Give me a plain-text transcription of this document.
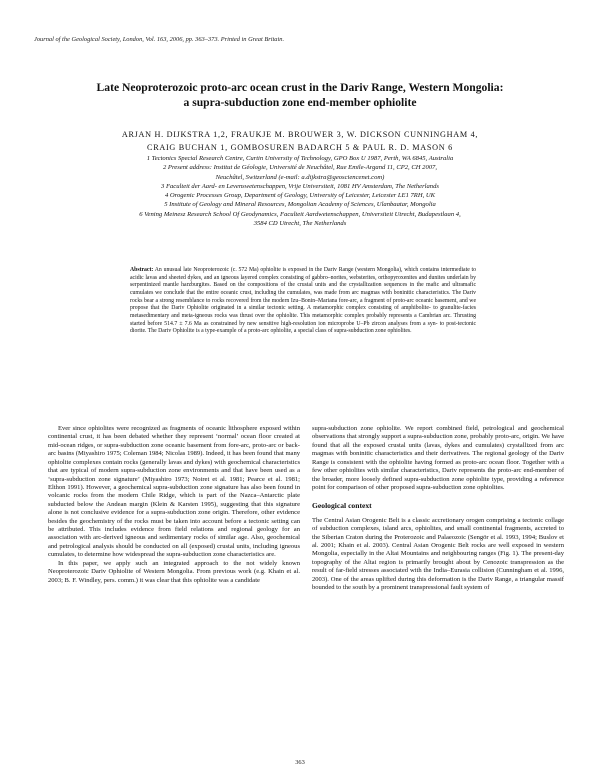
Journal of the Geological Society, London, Vol. 163, 2006, pp. 363–373. Printed in Great Britain.
Late Neoproterozoic proto-arc ocean crust in the Dariv Range, Western Mongolia:
a supra-subduction zone end-member ophiolite
ARJAN H. DIJKSTRA 1,2, FRAUKJE M. BROUWER 3, W. DICKSON CUNNINGHAM 4,
CRAIG BUCHAN 1, GOMBOSUREN BADARCH 5 & PAUL R. D. MASON 6

1 Tectonics Special Research Centre, Curtin University of Technology, GPO Box U 1987, Perth, WA 6845, Australia

2 Present address: Institut de Géologie, Université de Neuchâtel, Rue Emile-Argand 11, CP2, CH 2007,

Neuchâtel, Switzerland (e-mail: a.dijkstra@geosciencenet.com)

3 Faculteit der Aard- en Levenswetenschappen, Vrije Universiteit, 1081 HV Amsterdam, The Netherlands

4 Orogenic Processes Group, Department of Geology, University of Leicester, Leicester LE1 7RH, UK

5 Institute of Geology and Mineral Resources, Mongolian Academy of Sciences, Ulanbaatar, Mongolia

6 Vening Meinesz Research School Of Geodynamics, Faculteit Aardwetenschappen, Universiteit Utrecht, Budapestlaan 4,

3584 CD Utrecht, The Netherlands

Abstract: An unusual late Neoproterozoic (c. 572 Ma) ophiolite is exposed in the Dariv Range (western Mongolia), which contains intermediate to acidic lavas and sheeted dykes, and an igneous layered complex consisting of gabbro–norites, websterites, orthopyroxenites and dunites underlain by serpentinized mantle harzburgites. Based on the compositions of the crustal units and the crystallization sequences in the mafic and ultramafic cumulates we conclude that the entire oceanic crust, including the cumulates, was made from arc magmas with boninitic characteristics. The Dariv rocks bear a strong resemblance to rocks recovered from the modern Izu–Bonin–Mariana fore-arc, a fragment of proto-arc oceanic basement, and we propose that the Dariv Ophiolite originated in a similar tectonic setting. A metamorphic complex consisting of amphibolite- to granulite-facies metasedimentary and meta-igneous rocks was thrust over the ophiolite. This metamorphic complex probably represents a Cambrian arc. Thrusting started before 514.7 ± 7.6 Ma as constrained by new sensitive high-resolution ion microprobe U–Pb zircon analyses from a syn- to post-tectonic diorite. The Dariv Ophiolite is a type-example of a proto-arc ophiolite, a special class of supra-subduction zone ophiolites.

Ever since ophiolites were recognized as fragments of oceanic lithosphere exposed within continental crust, it has been debated whether they represent ‘normal’ ocean floor created at mid-ocean ridges, or supra-subduction zone oceanic basement from fore-arc, proto-arc or back-arc basins (Miyashiro 1975; Coleman 1984; Nicolas 1989). Indeed, it has been found that many ophiolite complexes contain rocks (generally lavas and dykes) with geochemical characteristics that are typical of modern supra-subduction zone environments and that have been used as a ‘supra-subduction zone signature’ (Miyashiro 1973; Noiret et al. 1981; Pearce et al. 1981; Elthon 1991). However, a geochemical supra-subduction zone signature has also been found in volcanic rocks from the modern Chile Ridge, which is part of the Nazca–Antarctic plate subducted below the Andean margin (Klein & Karsten 1995), suggesting that this signature alone is not conclusive evidence for a supra-subduction zone origin. Therefore, other evidence besides the geochemistry of the rocks must be taken into account before a tectonic setting can be attributed. This includes evidence from field relations and regional geology for an association with arc-derived igneous and sedimentary rocks of similar age. Also, geochemical and petrological analysis should be conducted on all (exposed) crustal units, including igneous cumulates, to determine how widespread the supra-subduction zone characteristics are.

In this paper, we apply such an integrated approach to the not widely known Neoproterozoic Dariv Ophiolite of Western Mongolia. From previous work (e.g. Khain et al. 2003; B. F. Windley, pers. comm.) it was clear that this ophiolite was a candidate

supra-subduction zone ophiolite. We report combined field, petrological and geochemical observations that strongly support a supra-subduction zone, probably proto-arc, origin. We have found that all the exposed crustal units (lavas, dykes and cumulates) crystallized from arc magmas with boninitic characteristics and their derivatives. The regional geology of the Dariv Range is consistent with the ophiolite having formed as proto-arc ocean floor. Together with a few other ophiolites with similar characteristics, Dariv represents the proto-arc end-member of the broader, more loosely defined supra-subduction zone ophiolite type, providing a reference point for comparison of other proposed supra-subduction zone ophiolites.

Geological context

The Central Asian Orogenic Belt is a classic accretionary orogen comprising a tectonic collage of subduction complexes, island arcs, ophiolites, and small continental fragments, accreted to the Siberian Craton during the Proterozoic and Palaeozoic (Sengör et al. 1993, 1994; Buslov et al. 2001; Khain et al. 2003). Central Asian Orogenic Belt rocks are well exposed in western Mongolia, especially in the Altai Mountains and neighbouring ranges (Fig. 1). The present-day topography of the Altai region is primarily brought about by Cenozoic transpression as the result of far-field stresses associated with the India–Eurasia collision (Cunningham et al. 1996, 2003). One of the areas uplifted during this deformation is the Dariv Range, a triangular massif bounded to the south by a prominent transpressional fault system of

363
